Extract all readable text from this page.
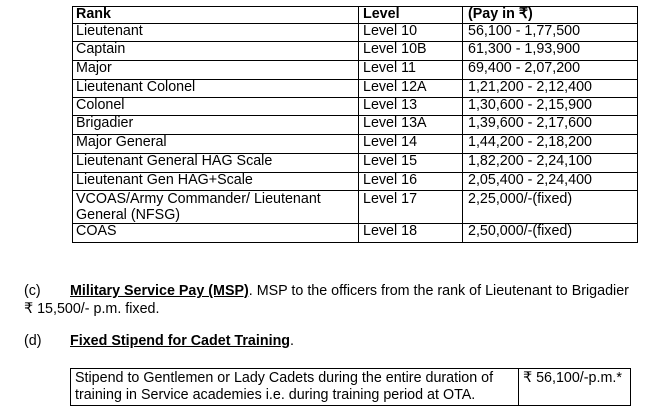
Rank	Level	(Pay in ₹)
Lieutenant	Level 10	56,100 - 1,77,500
Captain	Level 10B	61,300 - 1,93,900
Major	Level 11	69,400 - 2,07,200
Lieutenant Colonel	Level 12A	1,21,200 - 2,12,400
Colonel	Level 13	1,30,600 - 2,15,900
Brigadier	Level 13A	1,39,600 - 2,17,600
Major General	Level 14	1,44,200 - 2,18,200
Lieutenant General HAG Scale	Level 15	1,82,200 - 2,24,100
Lieutenant Gen HAG+Scale	Level 16	2,05,400 - 2,24,400
VCOAS/Army Commander/ Lieutenant General (NFSG)	Level 17	2,25,000/-(fixed)
COAS	Level 18	2,50,000/-(fixed)
(c) Military Service Pay (MSP). MSP to the officers from the rank of Lieutenant to Brigadier ₹ 15,500/- p.m. fixed.
(d) Fixed Stipend for Cadet Training.
Stipend to Gentlemen or Lady Cadets during the entire duration of training in Service academies i.e. during training period at OTA.	₹ 56,100/-p.m.*
